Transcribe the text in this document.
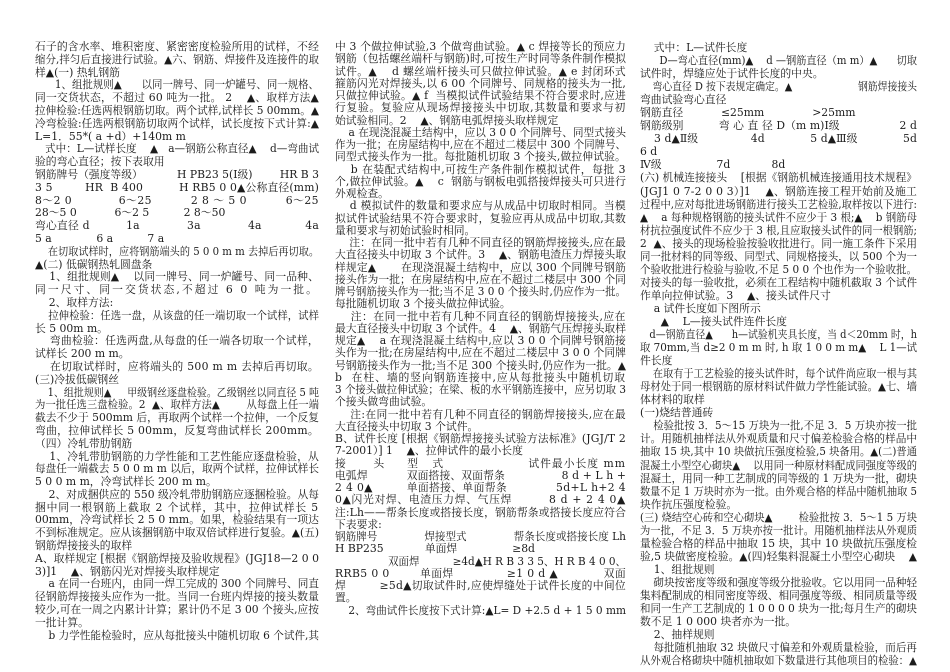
石子的含水率、堆积密度、紧密密度检验所用的试样，不经
缩分,拌匀后直接进行试验。▲六、钢筋、焊接件及连接件的取
样▲(一) 热轧钢筋
1、组批规则▲      以同一牌号、同一炉罐号、同一规格、
同一交货状态，不超过 60 吨为一批。 2    ▲、取样方法▲
拉伸检验:任选两根钢筋切取。两个试样,试样长 5 00mm。▲
冷弯检验:任选两根钢筋切取两个试样，试长度按下式计算:▲
L=1．55*( a +d）+140m m
式中：L—试样长度    ▲   a—钢筋公称直径▲    d—弯曲试
验的弯心直径；按下表取用
钢筋牌号（强度等级）          H PB23 5(Ⅰ级)        HR B 3
3 5         HR  B 400          H RB5 0 0▲公称直径(mm)
8～2 0            6～25          2 8 ～ 5 0          6～25
28～5 0           6～2 5          2 8～50
弯心直径 d          1a             3a             4a            4a
5 a             6 a          7 a
在切取试样时，应将钢筋端头的 5 0 0 m m 去掉后再切取。
▲(二) 低碳钢热轧圆盘条
1、组批规则▲    以同一牌号、同一炉罐号、同一品种、
同一尺寸、同一交货状态,不超过 6 0 吨为一批。
2、取样方法:
拉伸检验：任选一盘，从该盘的任一端切取一个试样，试样
长 5 00m m。
弯曲检验：任选两盘,从每盘的任一端各切取一个试样，
试样长 200 m m。
在切取试样时，应将端头的 500 m m 去掉后再切取。
(三)冷拔低碳钢丝
1、组批规则▲     甲级钢丝逐盘检验。乙级钢丝以同直径 5 吨
为一批任选三盘检验。2  ▲、取样方法▲        从每盘上任一端
截去不少于 500mm 后，再取两个试样一个拉伸，一个反复
弯曲，拉伸试样长 5 00mm，反复弯曲试样长 200mm。
（四）冷轧带肋钢筋
1、冷轧带肋钢筋的力学性能和工艺性能应逐盘检验，从
每盘任一端截去 5 0 0 m m 以后，取两个试样，拉伸试样长
5 0 0 m m，冷弯试样长 200 m m。
2、对成捆供应的 550 级冷轧带肋钢筋应逐捆检验。从每
捆中同一根钢筋上截取 2 个试样，其中，拉伸试样长 5
00mm，冷弯试样长 2 5 0 mm。如果，检验结果有一项达
不到标准规定。应从该捆钢筋中取双倍试样进行复验。▲(五)
钢筋焊接接头的取样
A、取样规定 [根据《钢筋焊接及验收规程》(JGJ18—2 0 0
3)]1    ▲、钢筋闪光对焊接头取样规定
a 在同一台班内，由同一焊工完成的 300 个同牌号、同直
径钢筋焊接接头应作为一批。当同一台班内焊接的接头数量
较少,可在一周之内累计计算；累计仍不足 3 00 个接头,应按
一批计算。
b 力学性能检验时，应从每批接头中随机切取 6 个试件,其
中 3 个做拉伸试验,3 个做弯曲试验。▲ c 焊接等长的预应力
钢筋（包括螺丝端杆与钢筋)时,可按生产时同等条件制作模拟
试件。▲    d 螺丝端杆接头可只做拉伸试验。▲ e 封闭环式
箍筋闪光对焊接头,以 6 00 个同牌号、同规格的接头为一批,
只做拉伸试验。▲ f  当模拟试件试验结果不符合要求时,应进
行复验。复验应从现场焊接接头中切取,其数量和要求与初
始试验相同。2    ▲、钢筋电弧焊接头取样规定
a 在现浇混凝土结构中，应以 3 0 0 个同牌号、同型式接头
作为一批；在房屋结构中,应在不超过二楼层中 300 个同牌号、
同型式接头作为一批。每批随机切取 3 个接头,做拉伸试验。
b 在装配式结构中,可按生产条件制作模拟试件，每批 3
个,做拉伸试验。▲    c  钢筋与钢板电弧搭接焊接头可只进行
外观检查。
d 模拟试件的数量和要求应与从成品中切取时相同。当模
拟试件试验结果不符合要求时，复验应再从成品中切取,其数
量和要求与初始试验时相同。
注：在同一批中若有几种不同直径的钢筋焊接接头,应在最
大直径接头中切取 3 个试件。3    ▲、钢筋电渣压力焊接头取
样规定▲       在现浇混凝土结构中，应以 300 个同牌号钢筋
接头作为一批；在房屋结构中,应在不超过二楼层中 300 个同
牌号钢筋接头作为一批;当不足 3 0 0 个接头时,仍应作为一批。
每批随机切取 3 个接头做拉伸试验。
注：在同一批中若有几种不同直径的钢筋焊接接头,应在
最大直径接头中切取 3 个试件。4    ▲、钢筋气压焊接头取样
规定▲    a 在现浇混凝土结构中,应以 3 0 0 个同牌号钢筋接
头作为一批;在房屋结构中,应在不超过二楼层中 3 0 0 个同牌
号钢筋接头作为一批;当不足 300 个接头时,仍应作为一批。▲
b  在柱、墙的竖向钢筋连接中,应从每批接头中随机切取
3 个接头做拉伸试验；在梁、板的水平钢筋连接中，应另切取 3
个接头做弯曲试验。
注:在同一批中若有几种不同直径的钢筋焊接接头,应在最
大直径接头中切取 3 个试件。
B、试件长度 [根据《钢筋焊接接头试验方法标准》(JGJ/T 2
7-2001）] 1    ▲、拉伸试件的最小长度
接      头     型   式                   试件最小长度 mm
电弧焊           双面搭接、双面帮条                8 d + L h +
2 4 0▲         单面搭接、单面帮条             5d+L h+2 4
0▲闪光对焊、电渣压力焊、气压焊         8 d + 2 4 0▲
注:Lh——帮条长度或搭接长度，钢筋帮条或搭接长度应符合
下表要求:
钢筋牌号              焊接型式              帮条长度或搭接长度 Lh
H BP235            单面焊                ≥8d
双面焊          ≥4d▲H R B 3 3 5、H R B 4 0 0、
RRB5 0 0        单面焊              ≥1 0 d ▲            双面
焊         ≥5d▲切取试件时,应使焊缝处于试件长度的中间位
置。
2、弯曲试件长度按下式计算:▲L= D +2.5 d + 1 5 0 mm
式中：L—试件长度
D—弯心直径(mm)▲    d —钢筋直径（m m）▲      切取
试件时，焊缝应处于试件长度的中央。
弯心直径 D 按下表规定确定。▲                     钢筋焊接接头
弯曲试验弯心直径
钢筋直径           ≤25mm              >25mm
钢筋级别          弯 心 直 径 D（m m)Ⅰ级                 2 d
3 d▲Ⅱ级               4d             5 d▲Ⅲ级             5d
6 d
Ⅳ级                7d            8d
(六) 机械连接接头    [根据《钢筋机械连接通用技术规程》
(JGJ1 0 7-2 0 0 3）]1    ▲、钢筋连接工程开始前及施工
过程中,应对每批进场钢筋进行接头工艺检验,取样按以下进行:
▲    a 每种规格钢筋的接头试件不应少于 3 根;▲    b 钢筋母
材抗拉强度试件不应少于 3 根,且应取接头试件的同一根钢筋;
2  ▲、接头的现场检验按验收批进行。同一施工条件下采用
同一批材料的同等级、同型式、同规格接头，以 500 个为一
个验收批进行检验与验收,不足 5 0 0 个也作为一个验收批。
对接头的每一验收批，必须在工程结构中随机截取 3 个试件
作单向拉伸试验。3    ▲、接头试件尺寸
a 试件长度如下图所示
▲    L—接头试件连件长度
d—钢筋直径▲      h—试验机夹具长度，当 d＜20mm 时，h
取 70mm,当 d≥2 0 m m 时, h 取 1 0 0 m m▲    L 1—试
件长度
在取有于工艺检验的接头试件时，每个试件尚应取一根与其
母材处于同一根钢筋的原材料试件做力学性能试验。▲七、墙
体材料的取样
(一)烧结普通砖
检验批按 3．5～15 万块为一批,不足 3．5 万块亦按一批
计。用随机抽样法从外观质量和尺寸偏差检验合格的样品中
抽取 15 块,其中 10 块做抗压强度检验,5 块备用。▲(二)普通
混凝土小型空心砌块▲    以用同一种原材料配成同强度等级的
混凝土，用同一种工艺制成的同等级的 1 万块为一批，砌块
数量不足 1 万块时亦为一批。由外观合格的样品中随机抽取 5
块作抗压强度检验。
(三) 烧结空心砖和空心砌块▲        检验批按 3．5～1 5 万块
为一批，不足 3．5 万块亦按一批计。用随机抽样法从外观质
量检验合格的样品中抽取 15 块，其中 10 块做抗压强度检
验,5 块做密度检验。▲(四)轻集料混凝土小型空心砌块    ▲
1、组批规则
砌块按密度等级和强度等级分批验收。它以用同一品种轻
集料配制成的相同密度等级、相同强度等级、相同质量等级
和同一生产工艺制成的 1 0 0 0 0 块为一批;每月生产的砌块
数不足 1 0 000 块者亦为一批。
2、抽样规则
每批随机抽取 32 块做尺寸偏差和外观质量检验，而后再
从外观合格砌块中随机抽取如下数量进行其他项目的检验：▲
